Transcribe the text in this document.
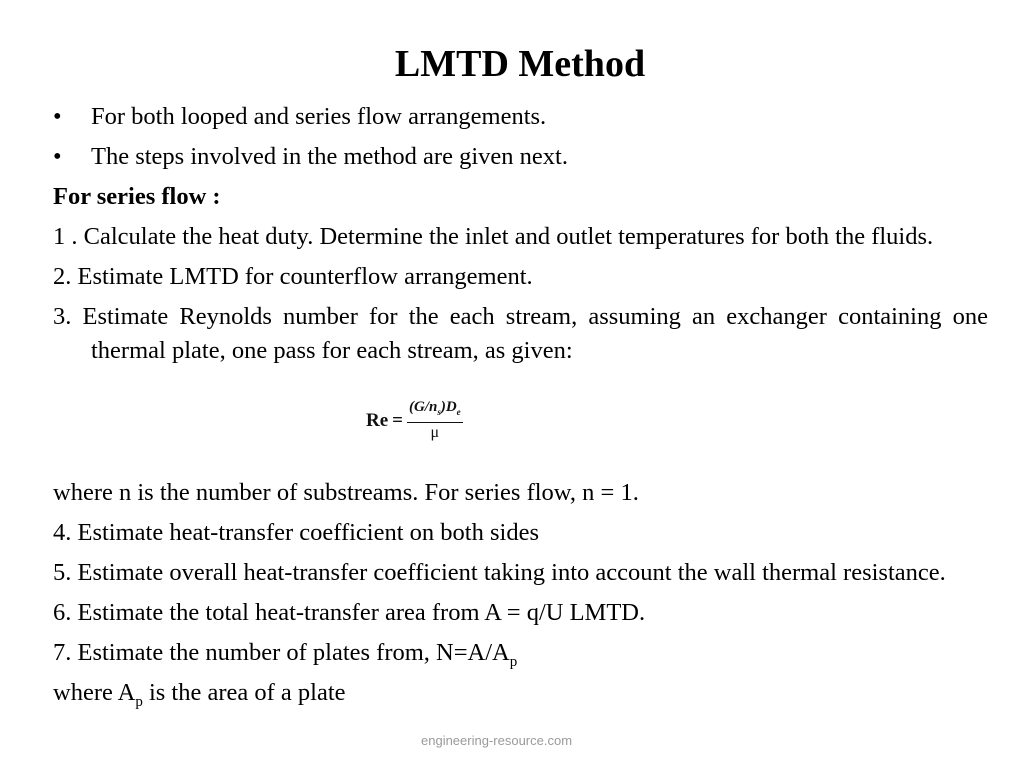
LMTD Method
• For both looped and series flow arrangements.
• The steps involved in the method are given next.
For series flow :
1 . Calculate the heat duty. Determine the inlet and outlet temperatures for both the fluids.
2. Estimate LMTD for counterflow arrangement.
3. Estimate Reynolds number for the each stream, assuming an exchanger containing one thermal plate, one pass for each stream, as given:
$Re = \frac{(G/n_s)D_e}{\mu}$
where n is the number of substreams. For series flow, n = 1.
4. Estimate heat-transfer coefficient on both sides
5. Estimate overall heat-transfer coefficient taking into account the wall thermal resistance.
6. Estimate the total heat-transfer area from A = q/U LMTD.
7. Estimate the number of plates from, $N=A/A_p$
where $A_p$ is the area of a plate
engineering-resource.com
